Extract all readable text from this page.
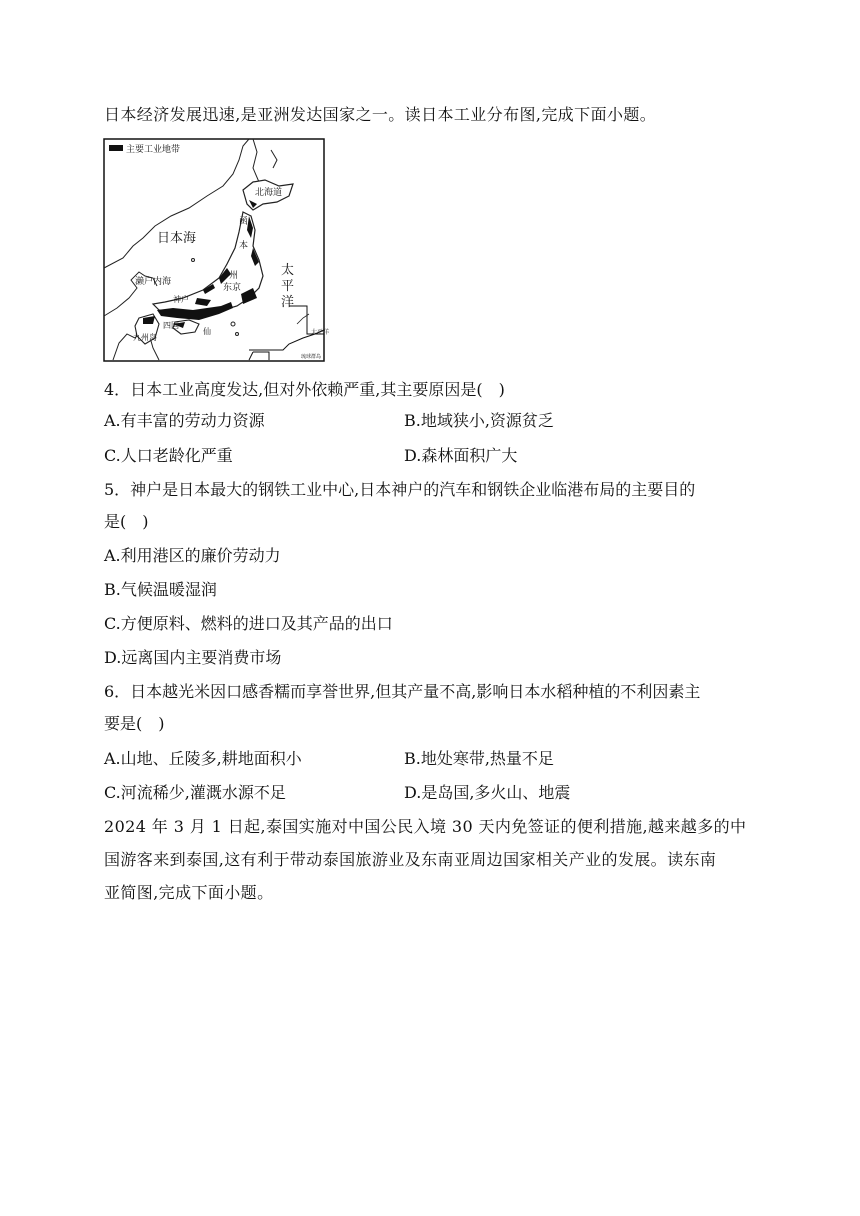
日本经济发展迅速,是亚洲发达国家之一。读日本工业分布图,完成下面小题。
主要工业地带
太平洋
琉球群岛
北海道
日本海
函
本
州
东京
太
平
洋
濑户内海
神户
四国
九州岛
仙
4．日本工业高度发达,但对外依赖严重,其主要原因是(　)
A.有丰富的劳动力资源	B.地域狭小,资源贫乏
C.人口老龄化严重	D.森林面积广大
5．神户是日本最大的钢铁工业中心,日本神户的汽车和钢铁企业临港布局的主要目的
是(　)
A.利用港区的廉价劳动力
B.气候温暖湿润
C.方便原料、燃料的进口及其产品的出口
D.远离国内主要消费市场
6．日本越光米因口感香糯而享誉世界,但其产量不高,影响日本水稻种植的不利因素主
要是(　)
A.山地、丘陵多,耕地面积小	B.地处寒带,热量不足
C.河流稀少,灌溉水源不足	D.是岛国,多火山、地震
2024 年 3 月 1 日起,泰国实施对中国公民入境 30 天内免签证的便利措施,越来越多的中
国游客来到泰国,这有利于带动泰国旅游业及东南亚周边国家相关产业的发展。读东南
亚简图,完成下面小题。
